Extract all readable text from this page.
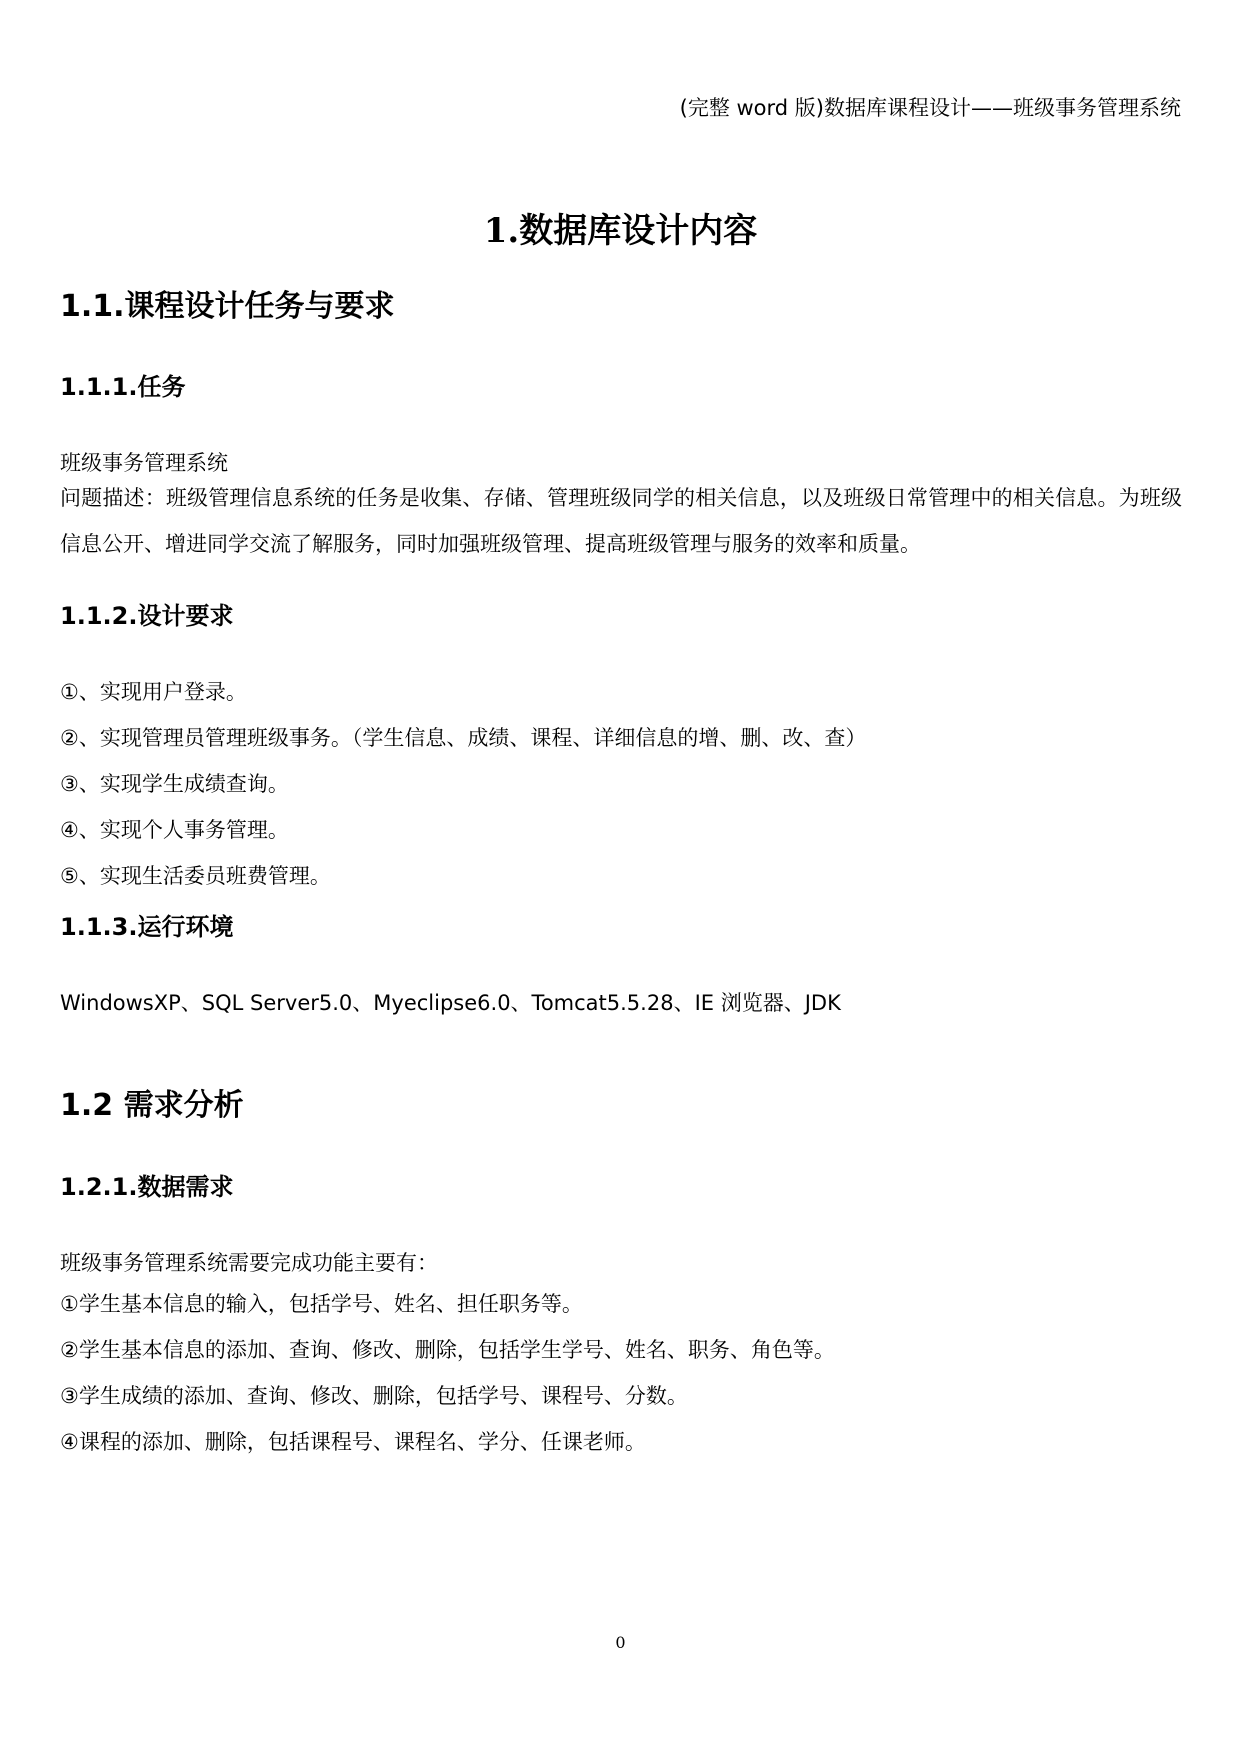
(完整 word 版)数据库课程设计——班级事务管理系统
1.数据库设计内容
1.1.课程设计任务与要求
1.1.1.任务

班级事务管理系统

问题描述：班级管理信息系统的任务是收集、存储、管理班级同学的相关信息，以及班级日常管理中的相关信息。为班级信息公开、增进同学交流了解服务，同时加强班级管理、提高班级管理与服务的效率和质量。

1.1.2.设计要求
①、实现用户登录。
②、实现管理员管理班级事务。（学生信息、成绩、课程、详细信息的增、删、改、查）
③、实现学生成绩查询。
④、实现个人事务管理。
⑤、实现生活委员班费管理。
1.1.3.运行环境

WindowsXP、SQL Server5.0、Myeclipse6.0、Tomcat5.5.28、IE 浏览器、JDK

1.2 需求分析
1.2.1.数据需求

班级事务管理系统需要完成功能主要有：

①学生基本信息的输入，包括学号、姓名、担任职务等。
②学生基本信息的添加、查询、修改、删除，包括学生学号、姓名、职务、角色等。
③学生成绩的添加、查询、修改、删除，包括学号、课程号、分数。
④课程的添加、删除，包括课程号、课程名、学分、任课老师。
0
